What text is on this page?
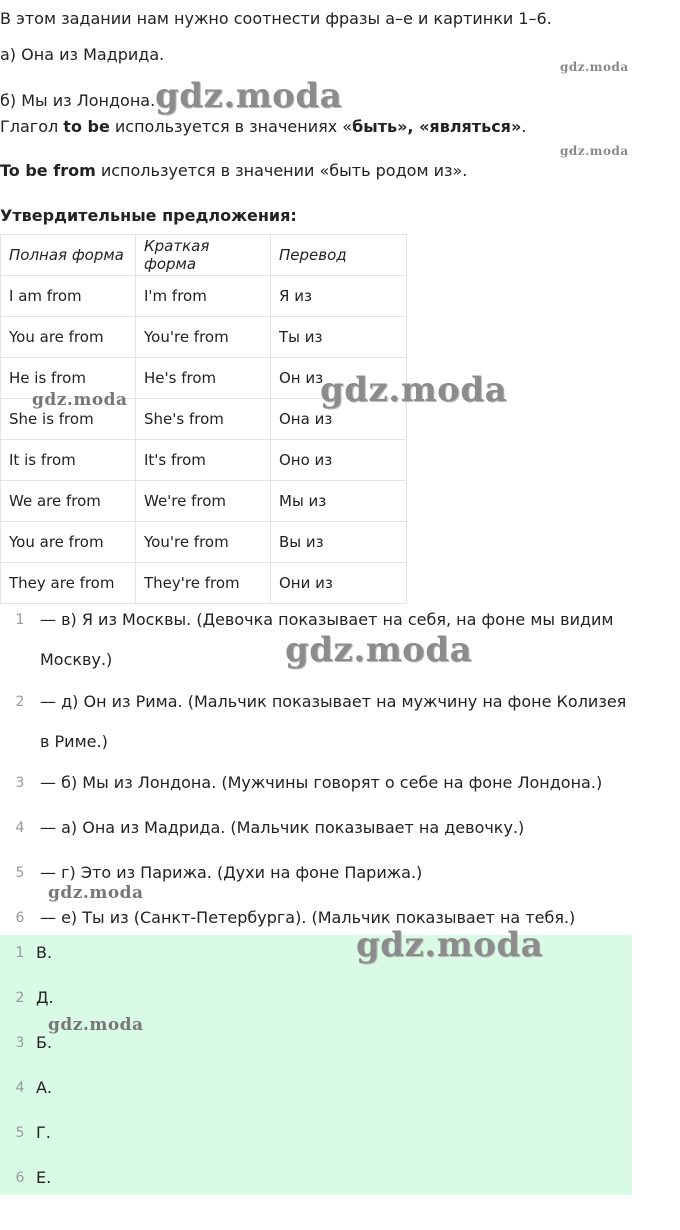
В этом задании нам нужно соотнести фразы а–е и картинки 1–6.
а) Она из Мадрида.
б) Мы из Лондона.
Глагол to be используется в значениях «быть», «являться».
To be from используется в значении «быть родом из».
Утвердительные предложения:
Полная форма	Краткая форма	Перевод
I am from	I'm from	Я из
You are from	You're from	Ты из
He is from	He's from	Он из
She is from	She's from	Она из
It is from	It's from	Оно из
We are from	We're from	Мы из
You are from	You're from	Вы из
They are from	They're from	Они из
1 — в) Я из Москвы. (Девочка показывает на себя, на фоне мы видим Москву.)
2 — д) Он из Рима. (Мальчик показывает на мужчину на фоне Колизея в Риме.)
3 — б) Мы из Лондона. (Мужчины говорят о себе на фоне Лондона.)
4 — а) Она из Мадрида. (Мальчик показывает на девочку.)
5 — г) Это из Парижа. (Духи на фоне Парижа.)
6 — е) Ты из (Санкт-Петербурга). (Мальчик показывает на тебя.)
1 В.
2 Д.
3 Б.
4 А.
5 Г.
6 Е.
gdz.moda
gdz.moda
gdz.moda
gdz.moda
gdz.moda
gdz.moda
gdz.moda
gdz.moda
gdz.moda
